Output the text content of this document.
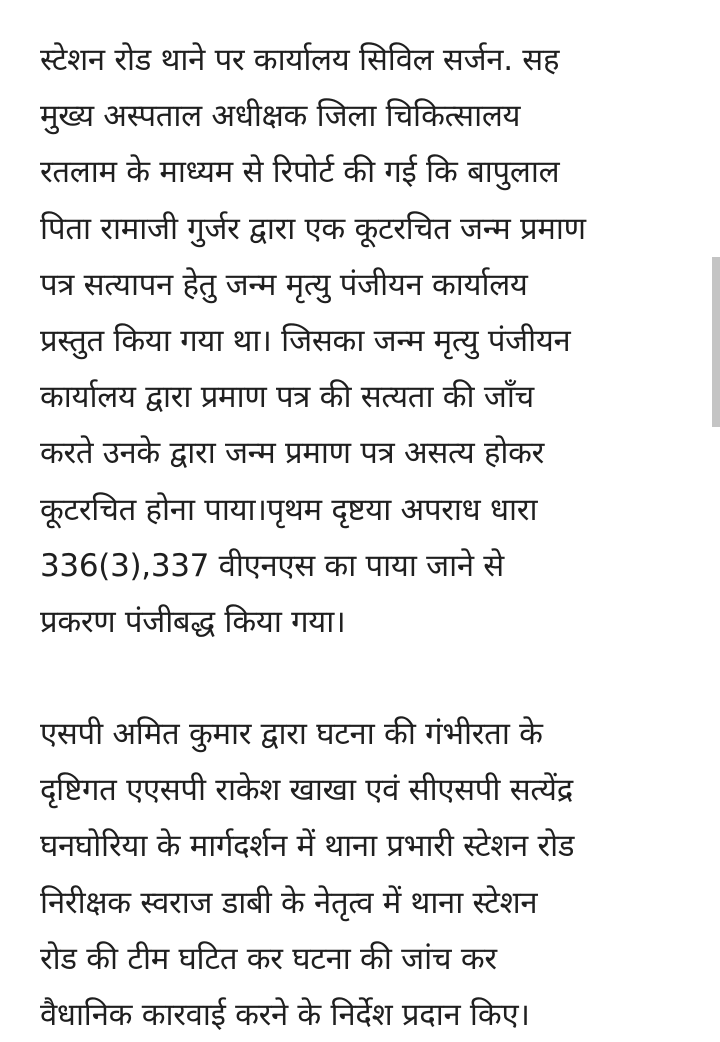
स्टेशन रोड थाने पर कार्यालय सिविल सर्जन. सह
मुख्य अस्पताल अधीक्षक जिला चिकित्सालय
रतलाम के माध्यम से रिपोर्ट की गई कि बापुलाल
पिता रामाजी गुर्जर द्वारा एक कूटरचित जन्म प्रमाण
पत्र सत्यापन हेतु जन्म मृत्यु पंजीयन कार्यालय
प्रस्तुत किया गया था। जिसका जन्म मृत्यु पंजीयन
कार्यालय द्वारा प्रमाण पत्र की सत्यता की जाँच
करते उनके द्वारा जन्म प्रमाण पत्र असत्य होकर
कूटरचित होना पाया।पृथम दृष्टया अपराध धारा
336(3),337 वीएनएस का पाया जाने से
प्रकरण पंजीबद्ध किया गया।

एसपी अमित कुमार द्वारा घटना की गंभीरता के
दृष्टिगत एएसपी राकेश खाखा एवं सीएसपी सत्येंद्र
घनघोरिया के मार्गदर्शन में थाना प्रभारी स्टेशन रोड
निरीक्षक स्वराज डाबी के नेतृत्व में थाना स्टेशन
रोड की टीम घटित कर घटना की जांच कर
वैधानिक कारवाई करने के निर्देश प्रदान किए।
